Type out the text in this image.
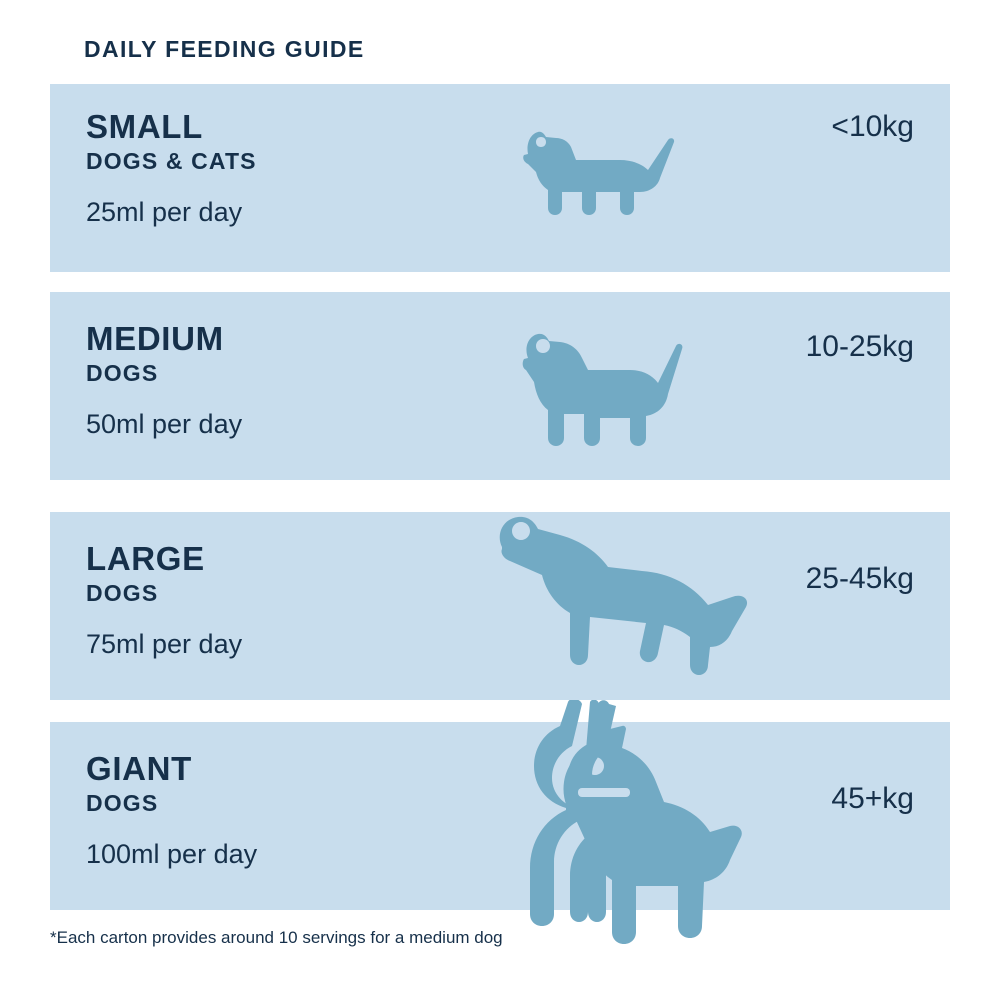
DAILY FEEDING GUIDE
SMALL
DOGS & CATS
25ml per day
<10kg
MEDIUM
DOGS
50ml per day
10-25kg
LARGE
DOGS
75ml per day
25-45kg
GIANT
DOGS
100ml per day
45+kg
*Each carton provides around 10 servings for a medium dog
